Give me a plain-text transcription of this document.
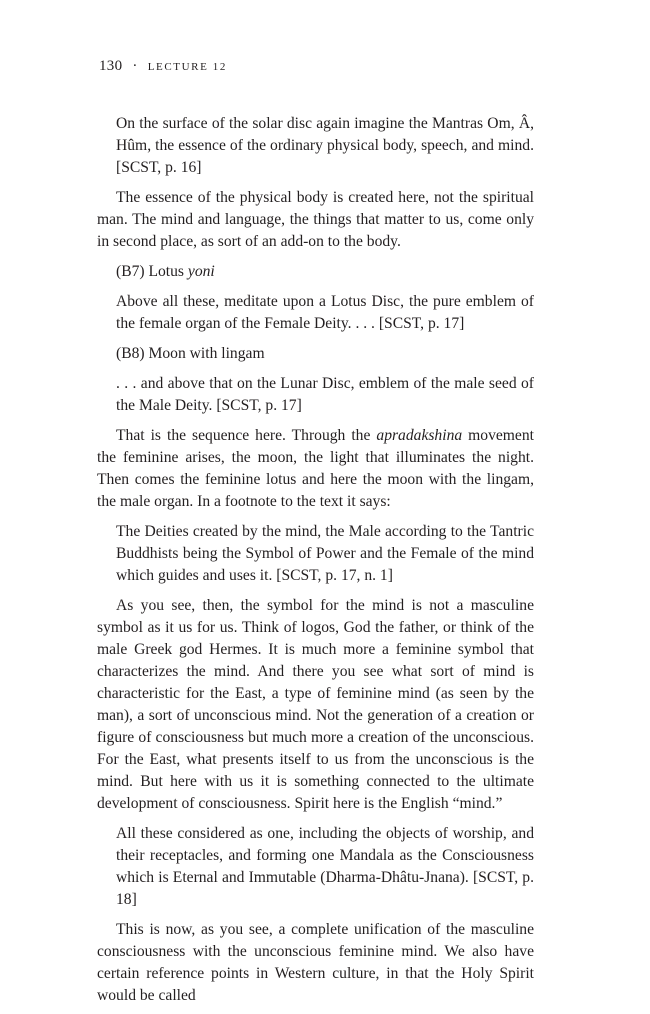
130 · LECTURE 12
On the surface of the solar disc again imagine the Mantras Om, Â, Hûm, the essence of the ordinary physical body, speech, and mind. [SCST, p. 16]
The essence of the physical body is created here, not the spiritual man. The mind and language, the things that matter to us, come only in second place, as sort of an add-on to the body.
(B7) Lotus yoni
Above all these, meditate upon a Lotus Disc, the pure emblem of the female organ of the Female Deity. . . . [SCST, p. 17]
(B8) Moon with lingam
. . . and above that on the Lunar Disc, emblem of the male seed of the Male Deity. [SCST, p. 17]
That is the sequence here. Through the apradakshina movement the feminine arises, the moon, the light that illuminates the night. Then comes the feminine lotus and here the moon with the lingam, the male organ. In a footnote to the text it says:
The Deities created by the mind, the Male according to the Tantric Buddhists being the Symbol of Power and the Female of the mind which guides and uses it. [SCST, p. 17, n. 1]
As you see, then, the symbol for the mind is not a masculine symbol as it us for us. Think of logos, God the father, or think of the male Greek god Hermes. It is much more a feminine symbol that characterizes the mind. And there you see what sort of mind is characteristic for the East, a type of feminine mind (as seen by the man), a sort of unconscious mind. Not the generation of a creation or figure of consciousness but much more a creation of the unconscious. For the East, what presents itself to us from the unconscious is the mind. But here with us it is something connected to the ultimate development of consciousness. Spirit here is the English “mind.”
All these considered as one, including the objects of worship, and their receptacles, and forming one Mandala as the Consciousness which is Eternal and Immutable (Dharma-Dhâtu-Jnana). [SCST, p. 18]
This is now, as you see, a complete unification of the masculine consciousness with the unconscious feminine mind. We also have certain reference points in Western culture, in that the Holy Spirit would be called
